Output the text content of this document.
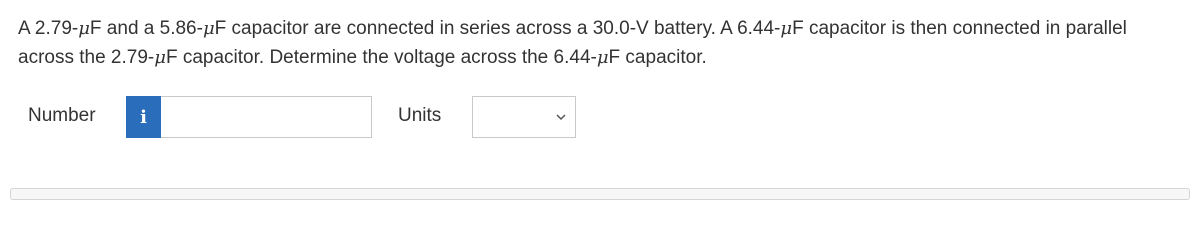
A 2.79-μF and a 5.86-μF capacitor are connected in series across a 30.0-V battery. A 6.44-μF capacitor is then connected in parallel across the 2.79-μF capacitor. Determine the voltage across the 6.44-μF capacitor.
Number i	Units
